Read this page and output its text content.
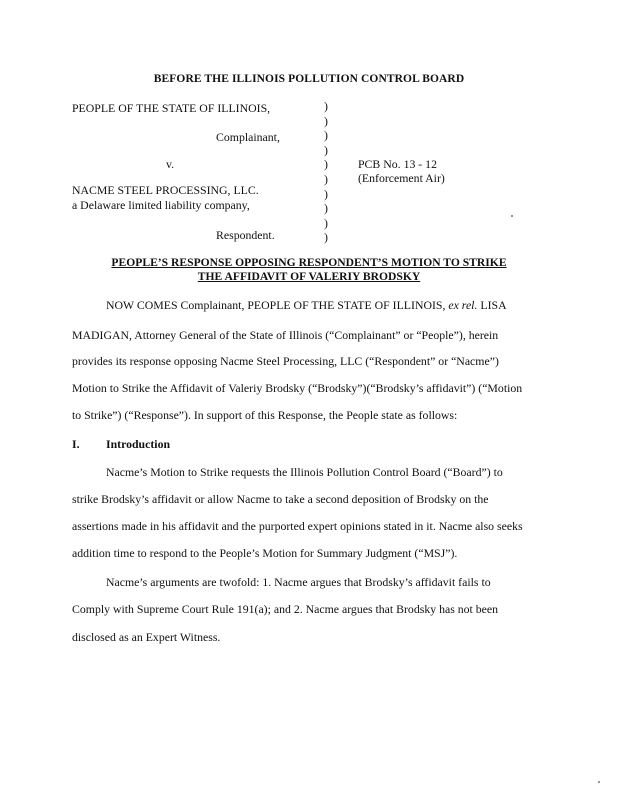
BEFORE THE ILLINOIS POLLUTION CONTROL BOARD
PEOPLE OF THE STATE OF ILLINOIS,
Complainant,
v.
NACME STEEL PROCESSING, LLC.
a Delaware limited liability company,
Respondent.
)
)
)
)
)
)
)
)
)
)
PCB No. 13 - 12
(Enforcement Air)
PEOPLE’S RESPONSE OPPOSING RESPONDENT’S MOTION TO STRIKE
THE AFFIDAVIT OF VALERIY BRODSKY
NOW COMES Complainant, PEOPLE OF THE STATE OF ILLINOIS, ex rel. LISA
MADIGAN, Attorney General of the State of Illinois (“Complainant” or “People”), herein
provides its response opposing Nacme Steel Processing, LLC (“Respondent” or “Nacme”)
Motion to Strike the Affidavit of Valeriy Brodsky (“Brodsky”)(“Brodsky’s affidavit”) (“Motion
to Strike”) (“Response”). In support of this Response, the People state as follows:
I. Introduction
Nacme’s Motion to Strike requests the Illinois Pollution Control Board (“Board”) to
strike Brodsky’s affidavit or allow Nacme to take a second deposition of Brodsky on the
assertions made in his affidavit and the purported expert opinions stated in it. Nacme also seeks
addition time to respond to the People’s Motion for Summary Judgment (“MSJ”).
Nacme’s arguments are twofold: 1. Nacme argues that Brodsky’s affidavit fails to
Comply with Supreme Court Rule 191(a); and 2. Nacme argues that Brodsky has not been
disclosed as an Expert Witness.
